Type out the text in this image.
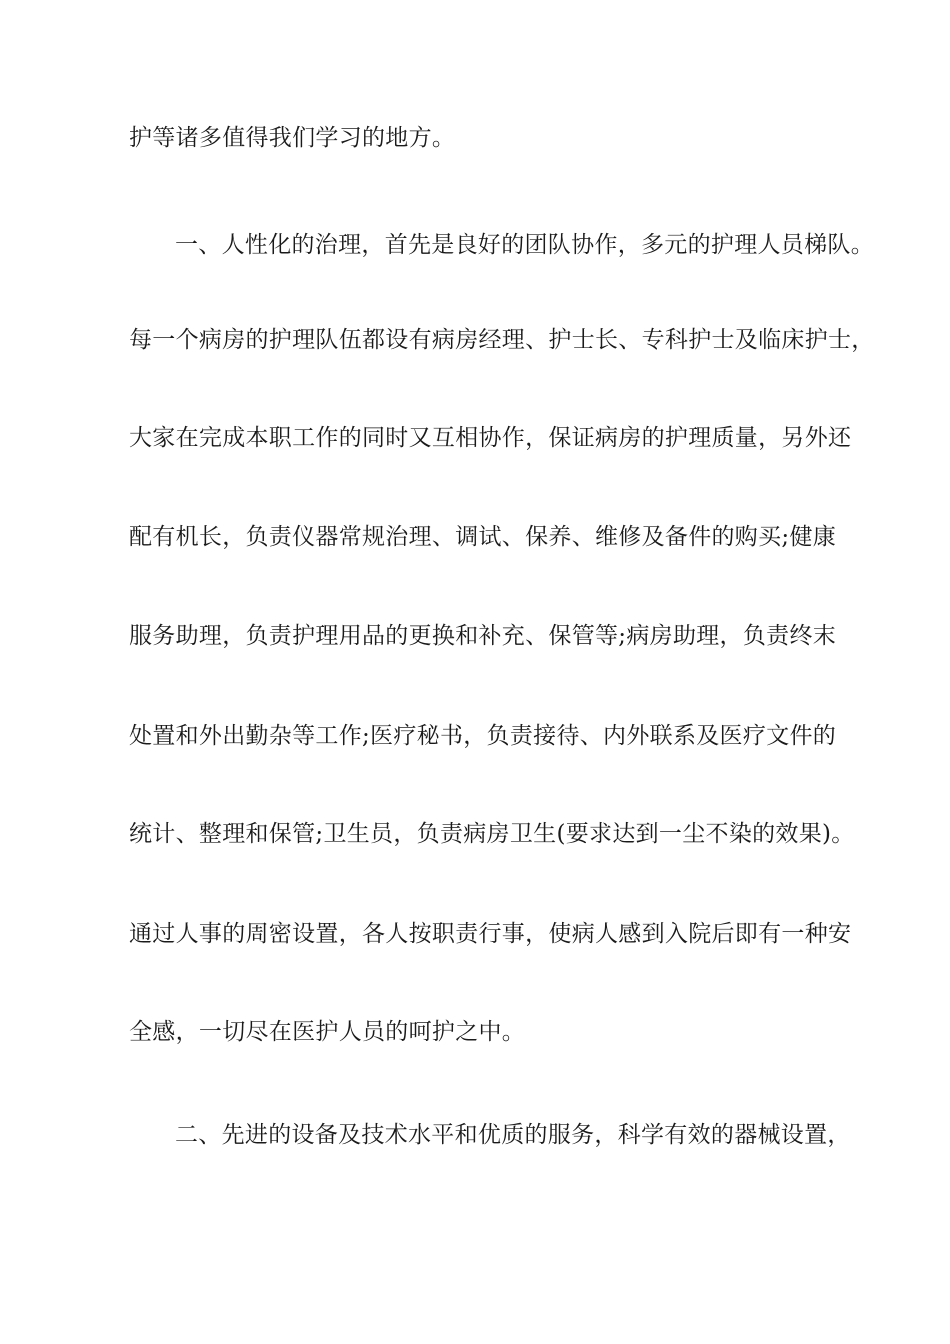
护等诸多值得我们学习的地方。

一、人性化的治理，首先是良好的团队协作，多元的护理人员梯队。

每一个病房的护理队伍都设有病房经理、护士长、专科护士及临床护士，

大家在完成本职工作的同时又互相协作，保证病房的护理质量，另外还

配有机长，负责仪器常规治理、调试、保养、维修及备件的购买;健康

服务助理，负责护理用品的更换和补充、保管等;病房助理，负责终末

处置和外出勤杂等工作;医疗秘书，负责接待、内外联系及医疗文件的

统计、整理和保管;卫生员，负责病房卫生(要求达到一尘不染的效果)。

通过人事的周密设置，各人按职责行事，使病人感到入院后即有一种安

全感，一切尽在医护人员的呵护之中。

二、先进的设备及技术水平和优质的服务，科学有效的器械设置，
